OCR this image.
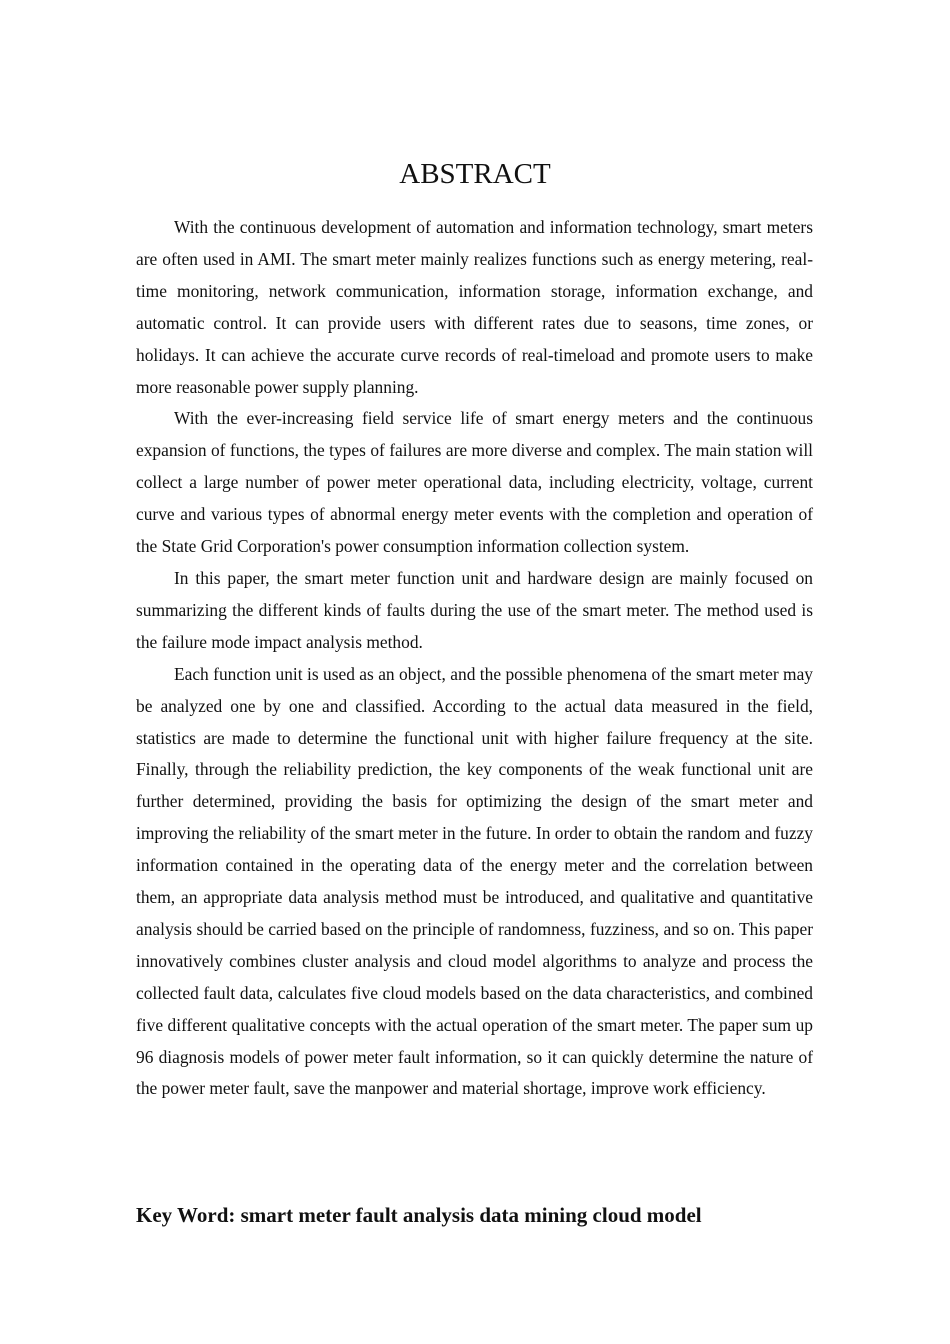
ABSTRACT

With the continuous development of automation and information technology, smart meters are often used in AMI. The smart meter mainly realizes functions such as energy metering, real-time monitoring, network communication, information storage, information exchange, and automatic control. It can provide users with different rates due to seasons, time zones, or holidays. It can achieve the accurate curve records of real-timeload and promote users to make more reasonable power supply planning.

With the ever-increasing field service life of smart energy meters and the continuous expansion of functions, the types of failures are more diverse and complex. The main station will collect a large number of power meter operational data, including electricity, voltage, current curve and various types of abnormal energy meter events with the completion and operation of the State Grid Corporation's power consumption information collection system.

In this paper, the smart meter function unit and hardware design are mainly focused on summarizing the different kinds of faults during the use of the smart meter. The method used is the failure mode impact analysis method.

Each function unit is used as an object, and the possible phenomena of the smart meter may be analyzed one by one and classified. According to the actual data measured in the field, statistics are made to determine the functional unit with higher failure frequency at the site. Finally, through the reliability prediction, the key components of the weak functional unit are further determined, providing the basis for optimizing the design of the smart meter and improving the reliability of the smart meter in the future. In order to obtain the random and fuzzy information contained in the operating data of the energy meter and the correlation between them, an appropriate data analysis method must be introduced, and qualitative and quantitative analysis should be carried based on the principle of randomness, fuzziness, and so on. This paper innovatively combines cluster analysis and cloud model algorithms to analyze and process the collected fault data, calculates five cloud models based on the data characteristics, and combined five different qualitative concepts with the actual operation of the smart meter. The paper sum up 96 diagnosis models of power meter fault information, so it can quickly determine the nature of the power meter fault, save the manpower and material shortage, improve work efficiency.

Key Word: smart meter fault analysis data mining cloud model
